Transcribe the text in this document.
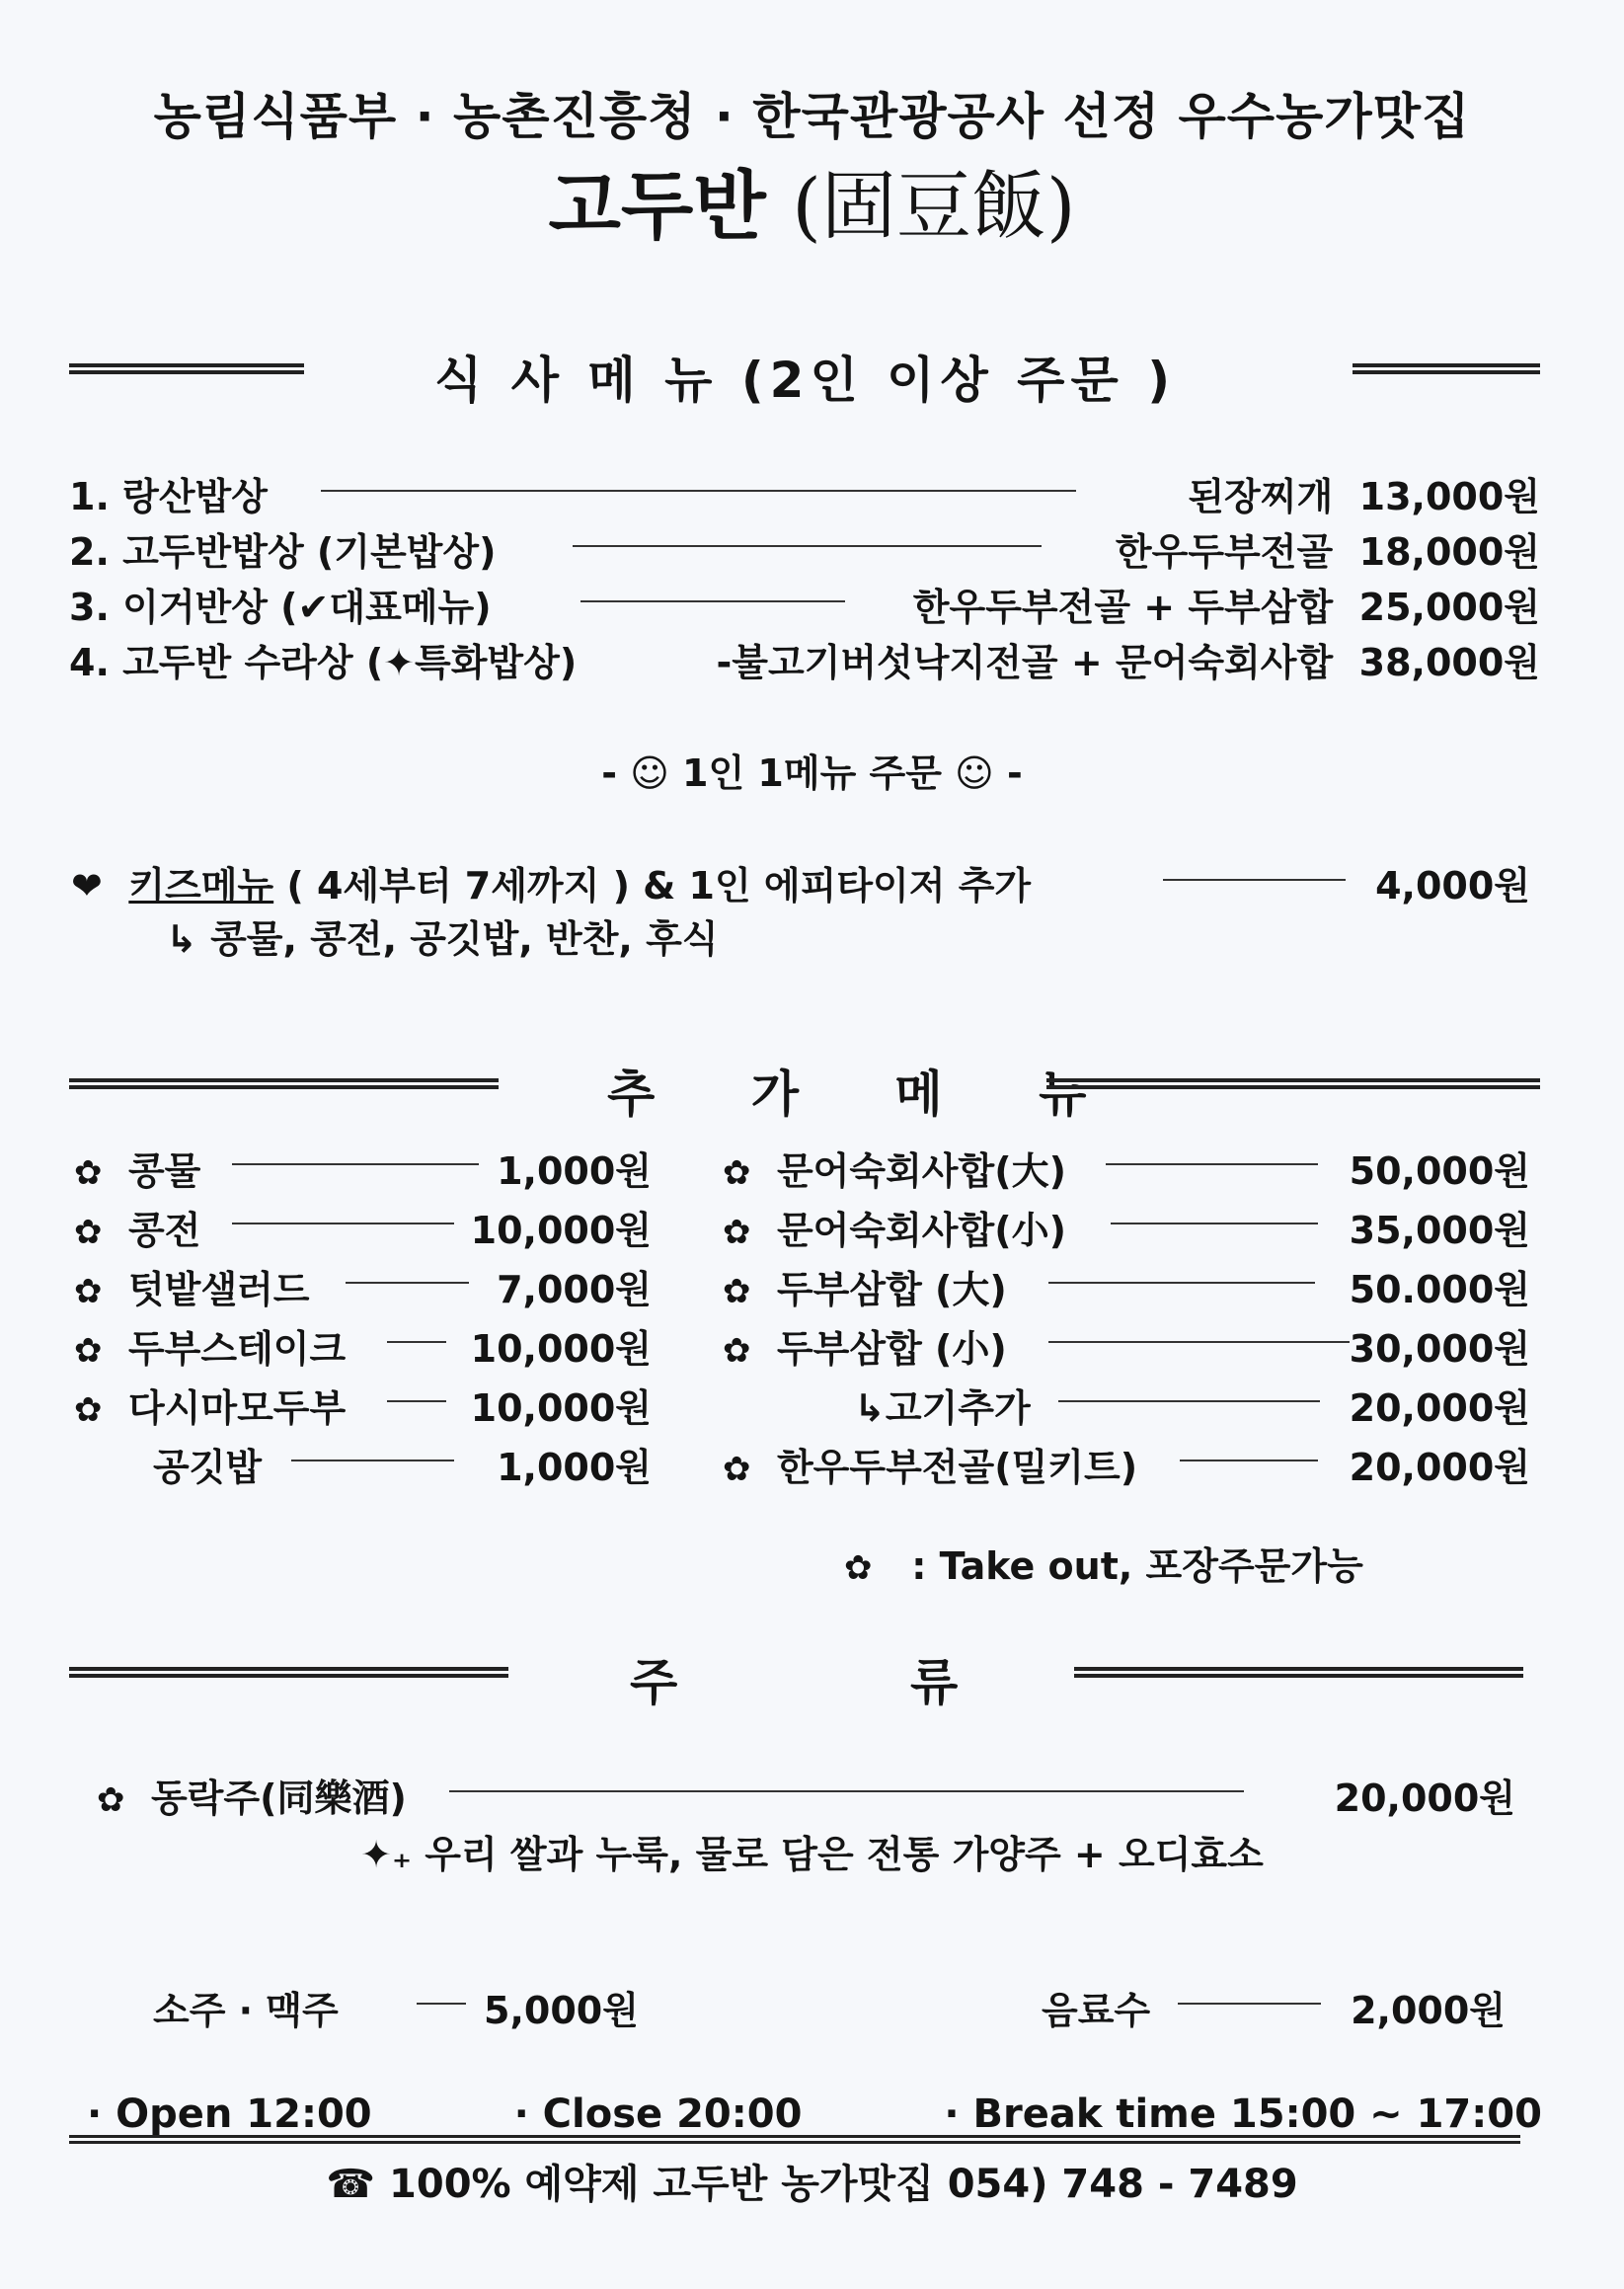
농림식품부 · 농촌진흥청 · 한국관광공사 선정 우수농가맛집
고두반 (固豆飯)
식 사 메 뉴 (2인 이상 주문 )
1. 랑산밥상	된장찌개 13,000원
2. 고두반밥상 (기본밥상)	한우두부전골 18,000원
3. 이거반상 (✔대표메뉴)	한우두부전골 + 두부삼합 25,000원
4. 고두반 수라상 (✦특화밥상)	-불고기버섯낙지전골 + 문어숙회사합 38,000원
- ☺ 1인 1메뉴 주문 ☺ -
❤ 키즈메뉴 ( 4세부터 7세까지 ) & 1인 에피타이저 추가	4,000원
↳ 콩물, 콩전, 공깃밥, 반찬, 후식
추 가 메 뉴
✿ 콩물	1,000원
✿ 콩전	10,000원
✿ 텃밭샐러드	7,000원
✿ 두부스테이크	10,000원
✿ 다시마모두부	10,000원
공깃밥	1,000원
✿ 문어숙회사합(大)	50,000원
✿ 문어숙회사합(小)	35,000원
✿ 두부삼합 (大)	50.000원
✿ 두부삼합 (小)	30,000원
↳고기추가	20,000원
✿ 한우두부전골(밀키트)	20,000원
✿ : Take out, 포장주문가능
주	류
✿ 동락주(同樂酒)	20,000원
✦₊ 우리 쌀과 누룩, 물로 담은 전통 가양주 + 오디효소
소주 · 맥주	5,000원	음료수	2,000원
· Open 12:00	· Close 20:00	· Break time 15:00 ~ 17:00
☎ 100% 예약제 고두반 농가맛집 054) 748 - 7489
